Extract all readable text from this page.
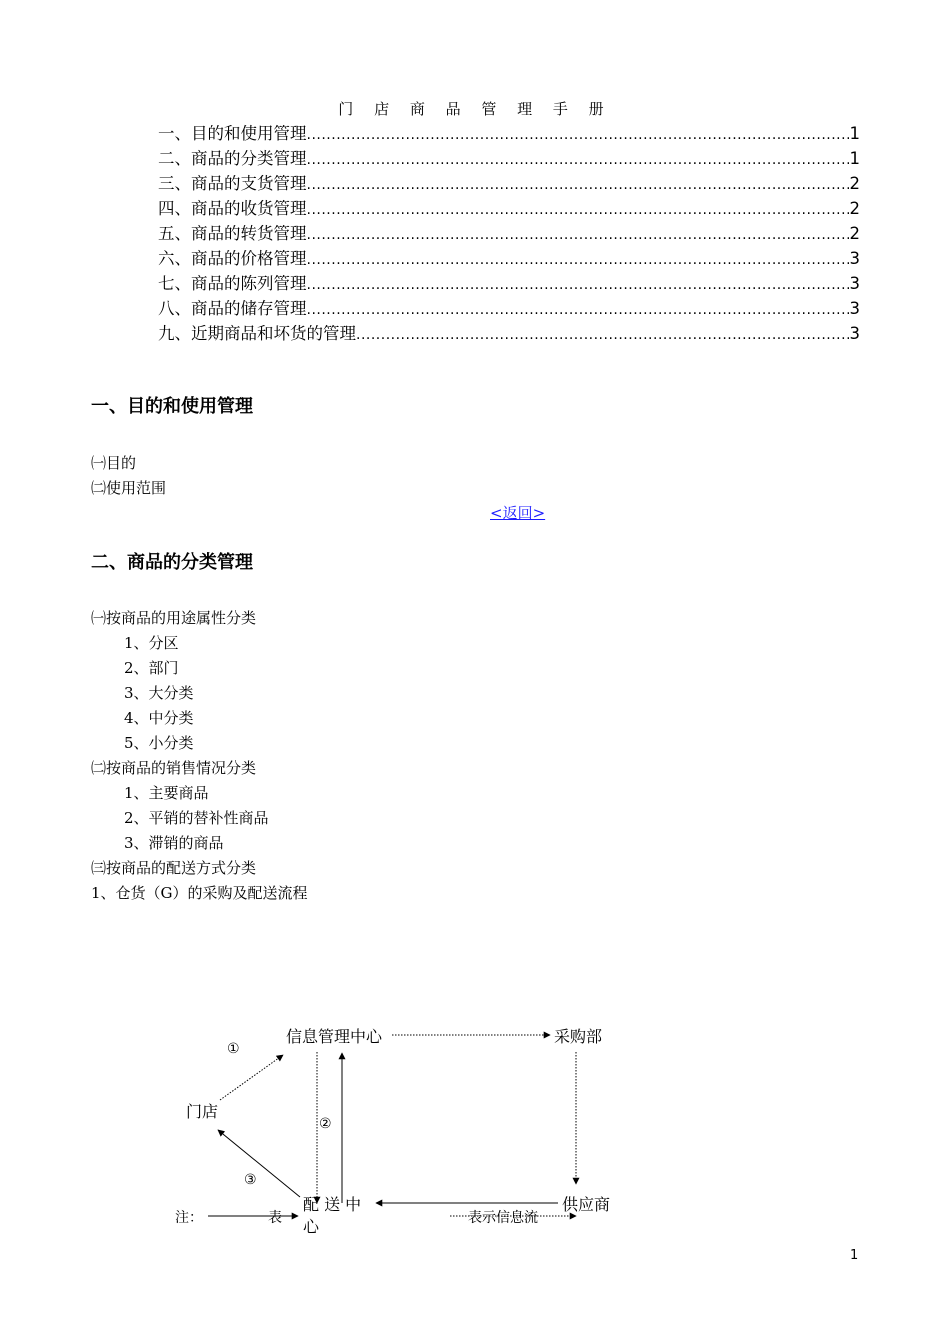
门 店 商 品 管 理 手 册
一、目的和使用管理 .....	1
二、商品的分类管理 .....	1
三、商品的支货管理 .....	2
四、商品的收货管理 .....	2
五、商品的转货管理 .....	2
六、商品的价格管理 .....	3
七、商品的陈列管理 .....	3
八、商品的储存管理 .....	3
九、近期商品和坏货的管理 .....	3
一、目的和使用管理
㈠目的
㈡使用范围
<返回>
二、商品的分类管理
㈠按商品的用途属性分类
1、分区
2、部门
3、大分类
4、中分类
5、小分类
㈡按商品的销售情况分类
1、主要商品
2、平销的替补性商品
3、滞销的商品
㈢按商品的配送方式分类
1、仓货（G）的采购及配送流程
信息管理中心	采购部
门店
配 送 中
心
供应商
①
②
③
注：	表	表示信息流
1
